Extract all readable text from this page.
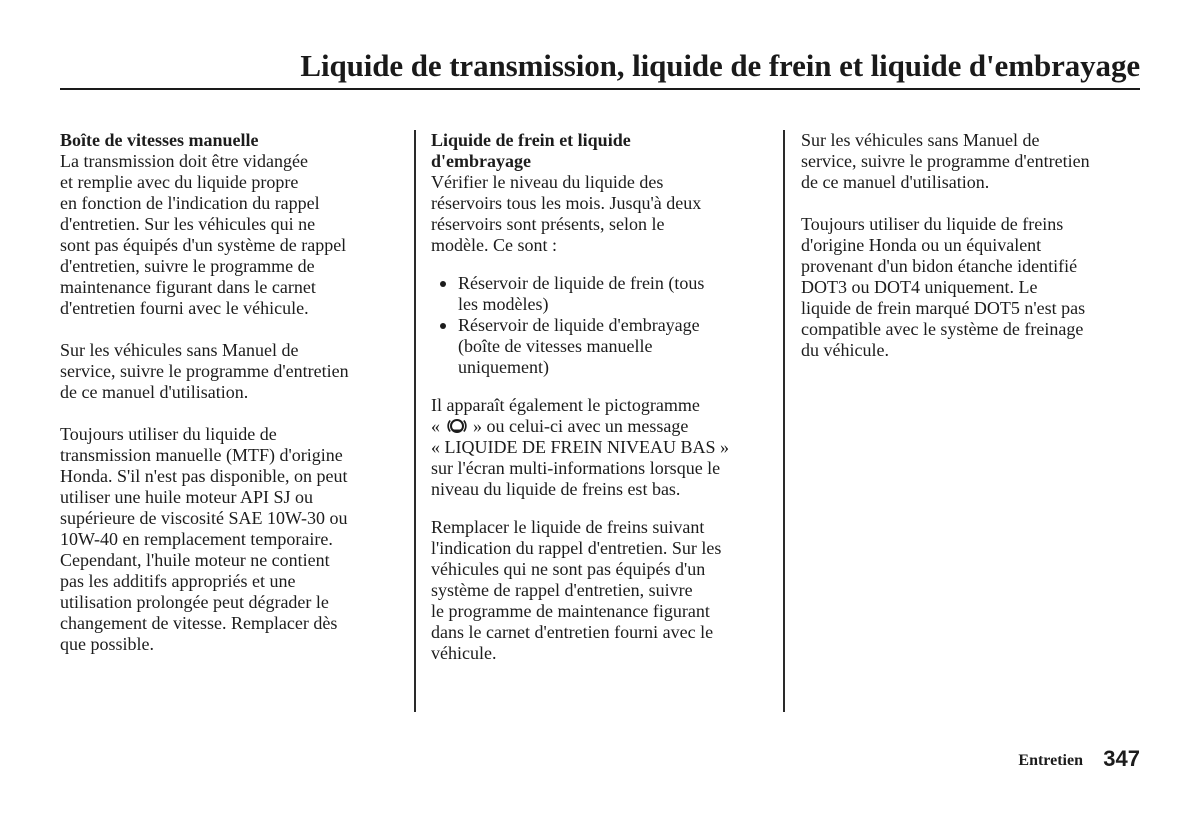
Liquide de transmission, liquide de frein et liquide d'embrayage
Boîte de vitesses manuelle
La transmission doit être vidangée
et remplie avec du liquide propre
en fonction de l'indication du rappel
d'entretien. Sur les véhicules qui ne
sont pas équipés d'un système de rappel
d'entretien, suivre le programme de
maintenance figurant dans le carnet
d'entretien fourni avec le véhicule.
Sur les véhicules sans Manuel de
service, suivre le programme d'entretien
de ce manuel d'utilisation.
Toujours utiliser du liquide de
transmission manuelle (MTF) d'origine
Honda. S'il n'est pas disponible, on peut
utiliser une huile moteur API SJ ou
supérieure de viscosité SAE 10W-30 ou
10W-40 en remplacement temporaire.
Cependant, l'huile moteur ne contient
pas les additifs appropriés et une
utilisation prolongée peut dégrader le
changement de vitesse. Remplacer dès
que possible.
Liquide de frein et liquide
d'embrayage
Vérifier le niveau du liquide des
réservoirs tous les mois. Jusqu'à deux
réservoirs sont présents, selon le
modèle. Ce sont :
Réservoir de liquide de frein (tous
les modèles)
Réservoir de liquide d'embrayage
(boîte de vitesses manuelle
uniquement)
Il apparaît également le pictogramme
« » ou celui-ci avec un message
« LIQUIDE DE FREIN NIVEAU BAS »
sur l'écran multi-informations lorsque le
niveau du liquide de freins est bas.
Remplacer le liquide de freins suivant
l'indication du rappel d'entretien. Sur les
véhicules qui ne sont pas équipés d'un
système de rappel d'entretien, suivre
le programme de maintenance figurant
dans le carnet d'entretien fourni avec le
véhicule.
Sur les véhicules sans Manuel de
service, suivre le programme d'entretien
de ce manuel d'utilisation.
Toujours utiliser du liquide de freins
d'origine Honda ou un équivalent
provenant d'un bidon étanche identifié
DOT3 ou DOT4 uniquement. Le
liquide de frein marqué DOT5 n'est pas
compatible avec le système de freinage
du véhicule.
Entretien 347
